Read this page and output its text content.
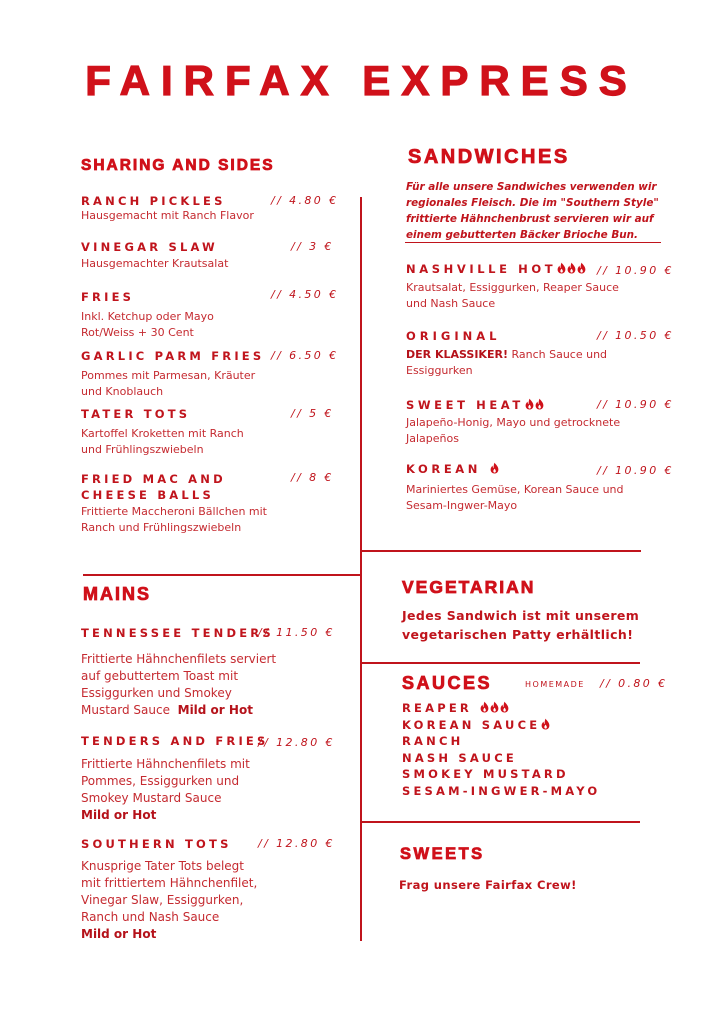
FAIRFAX EXPRESS
SHARING AND SIDES
RANCH PICKLES	// 4.80 €
Hausgemacht mit Ranch Flavor
VINEGAR SLAW	// 3 €
Hausgemachter Krautsalat
FRIES	// 4.50 €
Inkl. Ketchup oder Mayo
Rot/Weiss + 30 Cent
GARLIC PARM FRIES // 6.50 €
Pommes mit Parmesan, Kräuter
und Knoblauch
TATER TOTS	// 5 €
Kartoffel Kroketten mit Ranch
und Frühlingszwiebeln
FRIED MAC AND
CHEESE BALLS
// 8 €
Frittierte Maccheroni Bällchen mit
Ranch und Frühlingszwiebeln
MAINS
TENNESSEE TENDERS
// 11.50 €
Frittierte Hähnchenfilets serviert
auf gebuttertem Toast mit
Essiggurken und Smokey
Mustard Sauce Mild or Hot
TENDERS AND FRIES
// 12.80 €
Frittierte Hähnchenfilets mit
Pommes, Essiggurken und
Smokey Mustard Sauce
Mild or Hot
SOUTHERN TOTS // 12.80 €
Knusprige Tater Tots belegt
mit frittiertem Hähnchenfilet,
Vinegar Slaw, Essiggurken,
Ranch und Nash Sauce
Mild or Hot
SANDWICHES
Für alle unsere Sandwiches verwenden wir
regionales Fleisch. Die im "Southern Style"
frittierte Hähnchenbrust servieren wir auf
einem gebutterten Bäcker Brioche Bun.
NASHVILLE HOT	// 10.90 €
Krautsalat, Essiggurken, Reaper Sauce
und Nash Sauce
ORIGINAL	// 10.50 €
DER KLASSIKER! Ranch Sauce und
Essiggurken
SWEET HEAT	// 10.90 €
Jalapeño-Honig, Mayo und getrocknete
Jalapeños
KOREAN	// 10.90 €
Mariniertes Gemüse, Korean Sauce und
Sesam-Ingwer-Mayo
VEGETARIAN
Jedes Sandwich ist mit unserem
vegetarischen Patty erhältlich!
SAUCES	HOMEMADE // 0.80 €
REAPER
KOREAN SAUCE
RANCH
NASH SAUCE
SMOKEY MUSTARD
SESAM-INGWER-MAYO
SWEETS
Frag unsere Fairfax Crew!
